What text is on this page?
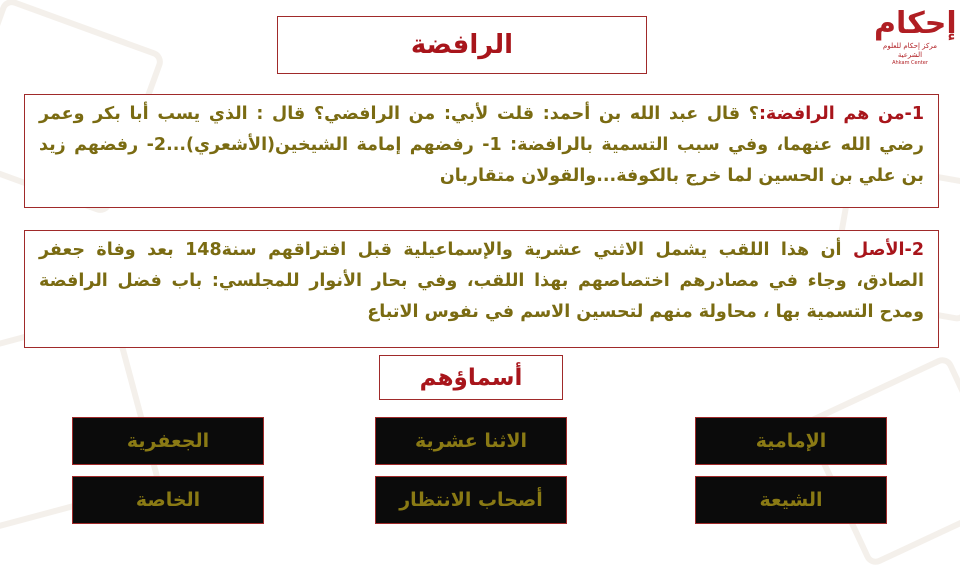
إحكام
مركز إحكام للعلوم الشرعية
Ahkam Center
الرافضة
1-من هم الرافضة:؟ قال عبد الله بن أحمد: قلت لأبي: من الرافضي؟ قال : الذي يسب أبا بكر وعمر رضي الله عنهما، وفي سبب التسمية بالرافضة: 1- رفضهم إمامة الشيخين(الأشعري)...2- رفضهم زيد بن علي بن الحسين لما خرج بالكوفة...والقولان متقاربان
2-الأصل أن هذا اللقب يشمل الاثني عشرية والإسماعيلية قبل افتراقهم سنة148 بعد وفاة جعفر الصادق، وجاء في مصادرهم اختصاصهم بهذا اللقب، وفي بحار الأنوار للمجلسي: باب فضل الرافضة ومدح التسمية بها ، محاولة منهم لتحسين الاسم في نفوس الاتباع
أسماؤهم
الإمامية
الاثنا عشرية
الجعفرية
الشيعة
أصحاب الانتظار
الخاصة
